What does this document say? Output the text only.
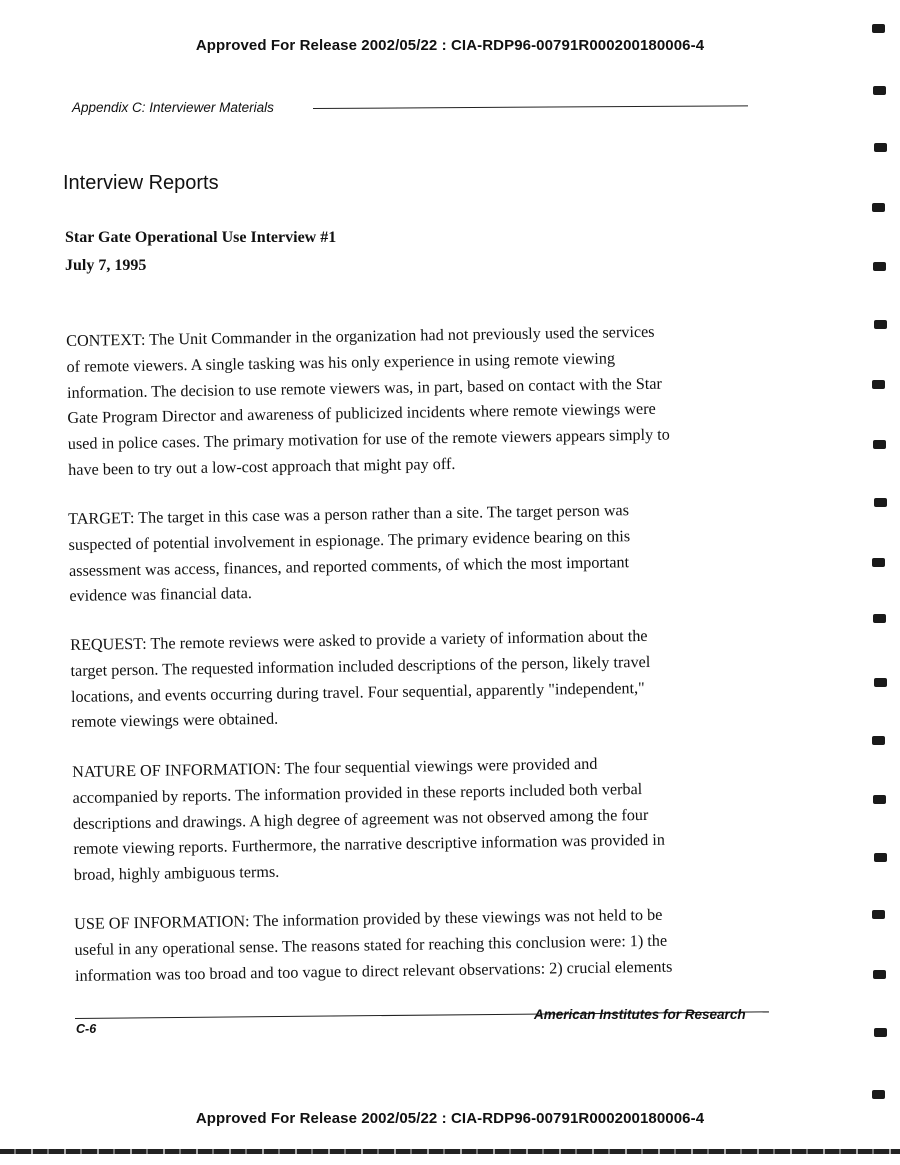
Approved For Release 2002/05/22 : CIA-RDP96-00791R000200180006-4
Appendix C: Interviewer Materials
Interview Reports
Star Gate Operational Use Interview #1
July 7, 1995
CONTEXT: The Unit Commander in the organization had not previously used the services
of remote viewers. A single tasking was his only experience in using remote viewing
information. The decision to use remote viewers was, in part, based on contact with the Star
Gate Program Director and awareness of publicized incidents where remote viewings were
used in police cases. The primary motivation for use of the remote viewers appears simply to
have been to try out a low-cost approach that might pay off.
TARGET: The target in this case was a person rather than a site. The target person was
suspected of potential involvement in espionage. The primary evidence bearing on this
assessment was access, finances, and reported comments, of which the most important
evidence was financial data.
REQUEST: The remote reviews were asked to provide a variety of information about the
target person. The requested information included descriptions of the person, likely travel
locations, and events occurring during travel. Four sequential, apparently "independent,"
remote viewings were obtained.
NATURE OF INFORMATION: The four sequential viewings were provided and
accompanied by reports. The information provided in these reports included both verbal
descriptions and drawings. A high degree of agreement was not observed among the four
remote viewing reports. Furthermore, the narrative descriptive information was provided in
broad, highly ambiguous terms.
USE OF INFORMATION: The information provided by these viewings was not held to be
useful in any operational sense. The reasons stated for reaching this conclusion were: 1) the
information was too broad and too vague to direct relevant observations: 2) crucial elements
American Institutes for Research
C-6
Approved For Release 2002/05/22 : CIA-RDP96-00791R000200180006-4
